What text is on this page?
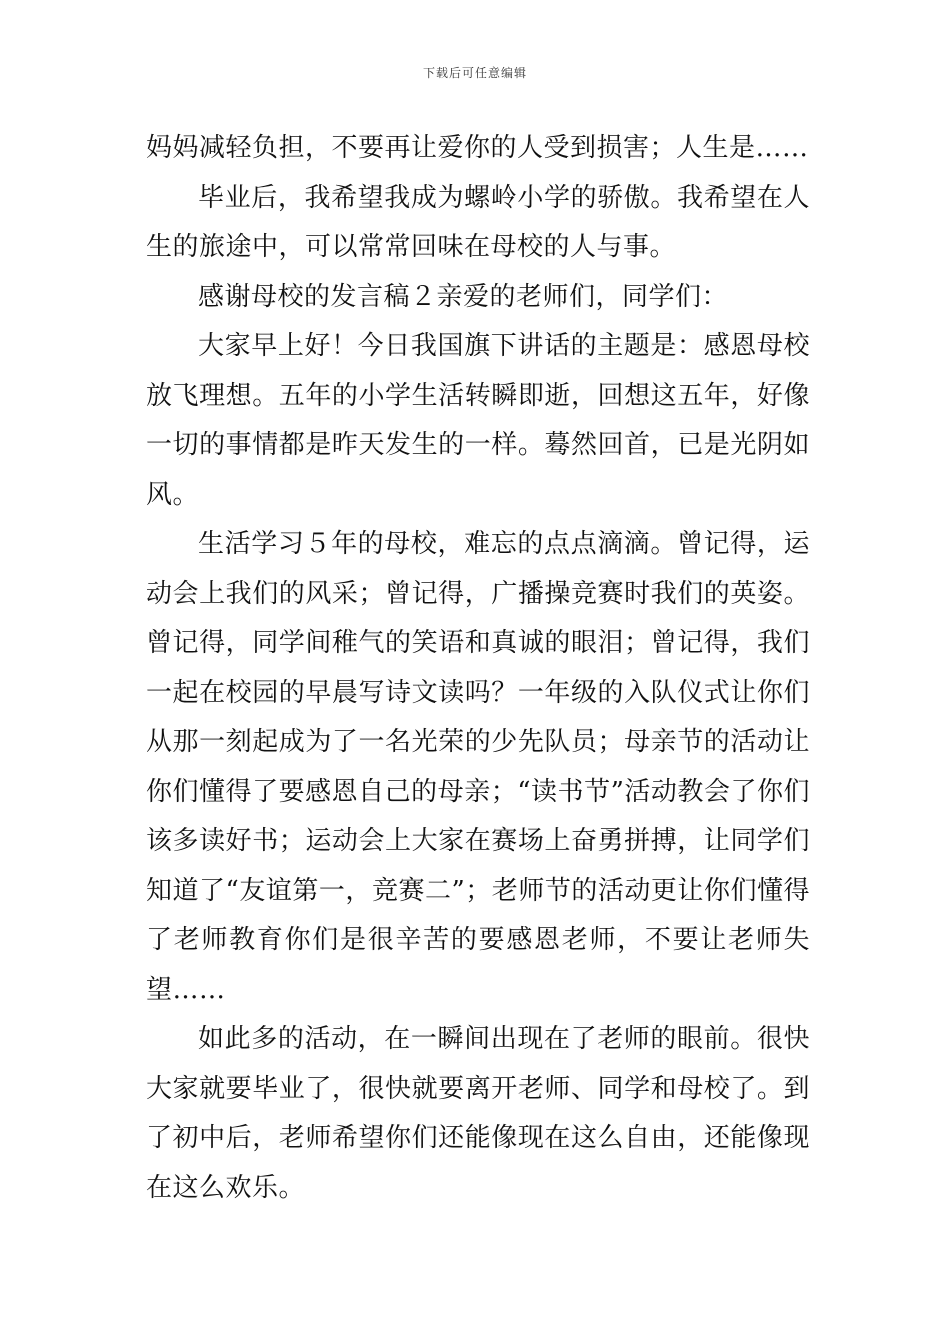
下载后可任意编辑

妈妈减轻负担，不要再让爱你的人受到损害；人生是……

毕业后，我希望我成为螺岭小学的骄傲。我希望在人生的旅途中，可以常常回味在母校的人与事。

感谢母校的发言稿２亲爱的老师们，同学们：

大家早上好！今日我国旗下讲话的主题是：感恩母校放飞理想。五年的小学生活转瞬即逝，回想这五年，好像一切的事情都是昨天发生的一样。蓦然回首，已是光阴如风。

生活学习５年的母校，难忘的点点滴滴。曾记得，运动会上我们的风采；曾记得，广播操竞赛时我们的英姿。曾记得，同学间稚气的笑语和真诚的眼泪；曾记得，我们一起在校园的早晨写诗文读吗？一年级的入队仪式让你们从那一刻起成为了一名光荣的少先队员；母亲节的活动让你们懂得了要感恩自己的母亲；“读书节”活动教会了你们该多读好书；运动会上大家在赛场上奋勇拼搏，让同学们知道了“友谊第一，竞赛二”；老师节的活动更让你们懂得了老师教育你们是很辛苦的要感恩老师，不要让老师失望……

如此多的活动，在一瞬间出现在了老师的眼前。很快大家就要毕业了，很快就要离开老师、同学和母校了。到了初中后，老师希望你们还能像现在这么自由，还能像现在这么欢乐。
